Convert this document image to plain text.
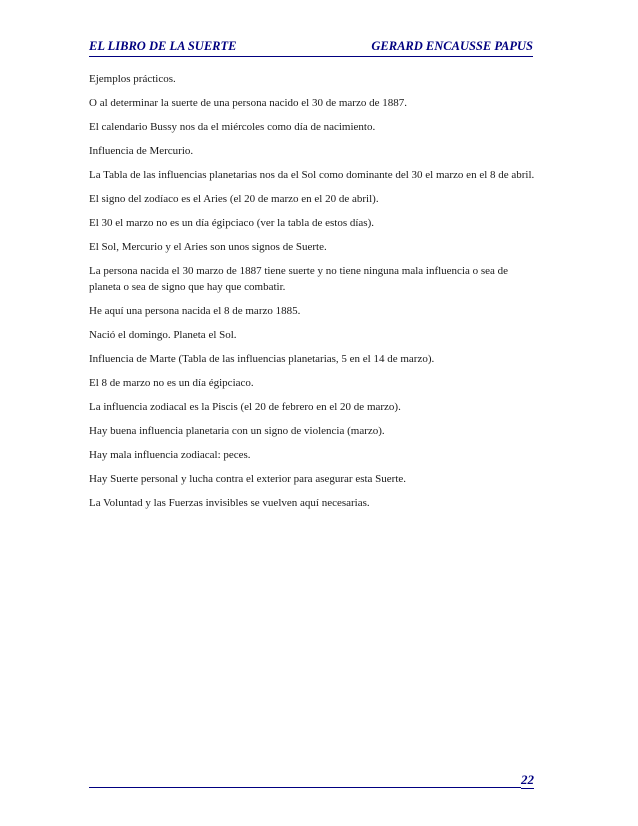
EL LIBRO DE LA SUERTE	GERARD ENCAUSSE PAPUS

Ejemplos prácticos.

O al determinar la suerte de una persona nacido el 30 de marzo de 1887.

El calendario Bussy nos da el miércoles como día de nacimiento.

Influencia de Mercurio.

La Tabla de las influencias planetarias nos da el Sol como dominante del 30 el marzo en el 8 de abril.

El signo del zodíaco es el Aries (el 20 de marzo en el 20 de abril).

El 30 el marzo no es un día égipciaco (ver la tabla de estos días).

El Sol, Mercurio y el Aries son unos signos de Suerte.

La persona nacida el 30 marzo de 1887 tiene suerte y no tiene ninguna mala influencia o sea de planeta o sea de signo que hay que combatir.

He aquí una persona nacida el 8 de marzo 1885.

Nació el domingo. Planeta el Sol.

Influencia de Marte (Tabla de las influencias planetarias, 5 en el 14 de marzo).

El 8 de marzo no es un día égipciaco.

La influencia zodiacal es la Piscis (el 20 de febrero en el 20 de marzo).

Hay buena influencia planetaria con un signo de violencia (marzo).

Hay mala influencia zodiacal: peces.

Hay Suerte personal y lucha contra el exterior para asegurar esta Suerte.

La Voluntad y las Fuerzas invisibles se vuelven aquí necesarias.

22
